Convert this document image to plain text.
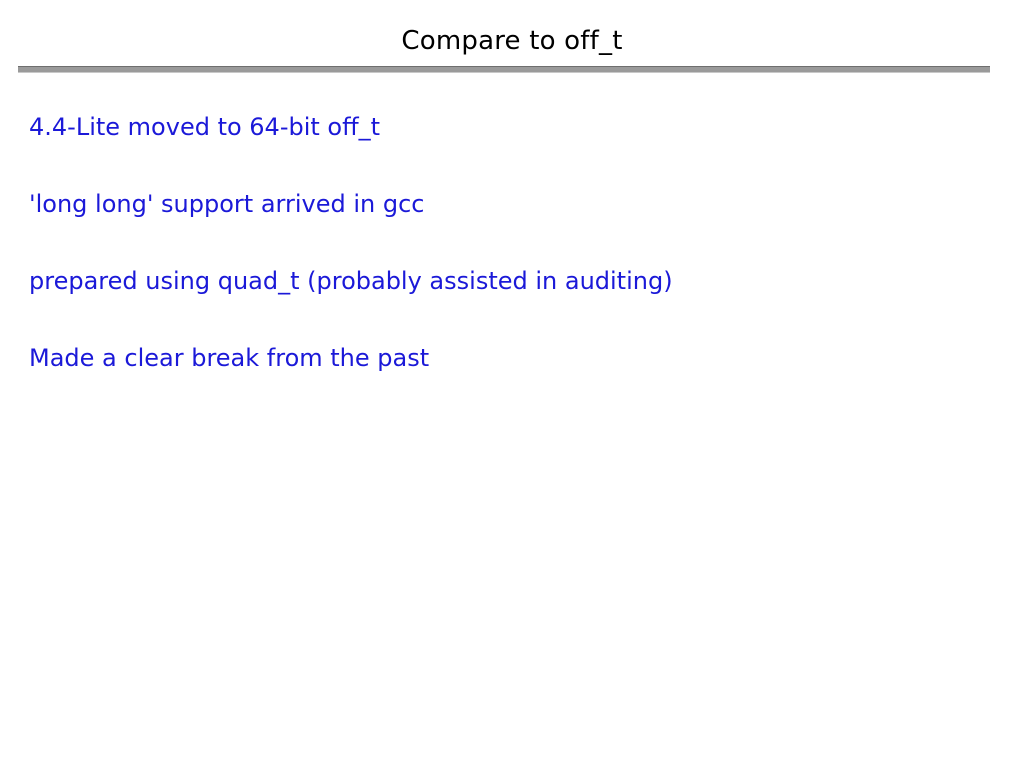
Compare to off_t
4.4-Lite moved to 64-bit off_t
'long long' support arrived in gcc
prepared using quad_t (probably assisted in auditing)
Made a clear break from the past
